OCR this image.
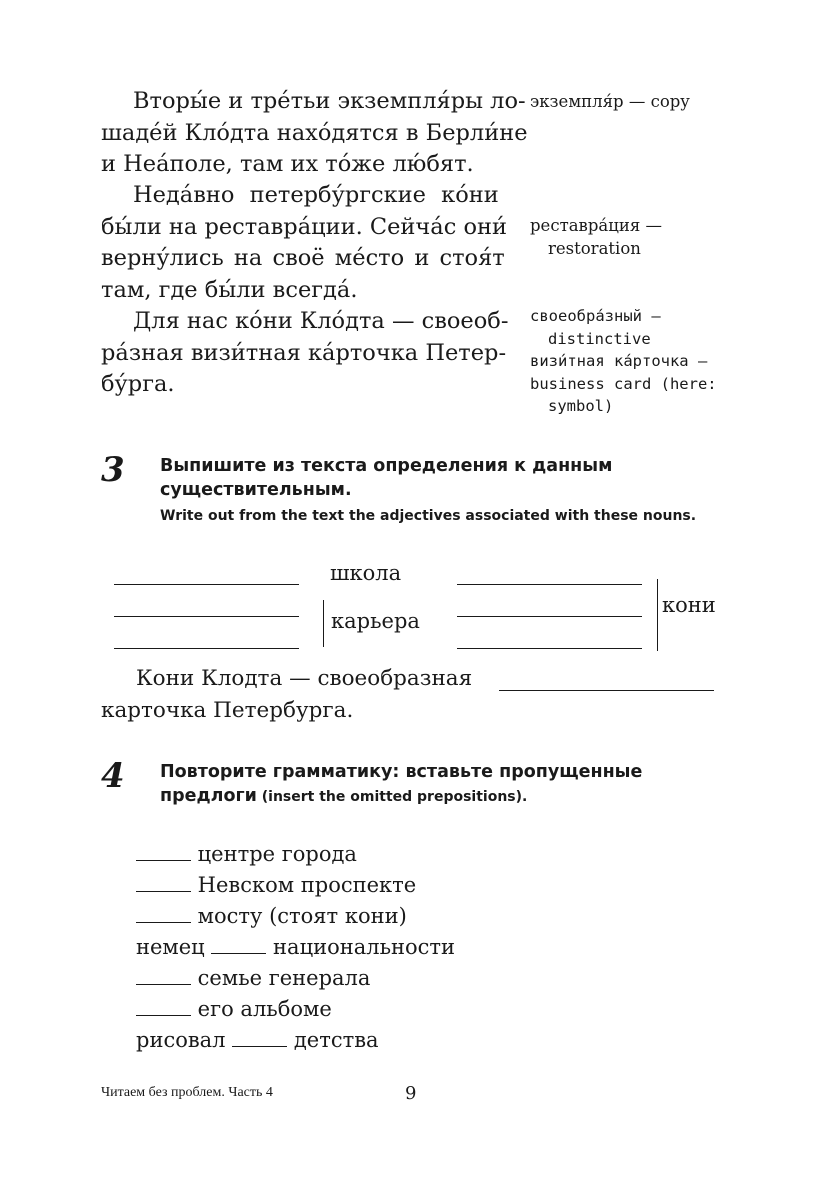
Вторы́е и тре́тьи экземпля́ры ло-
шаде́й Кло́дта нахо́дятся в Берли́не
и Неа́поле, там их то́же лю́бят.
Неда́вно петербу́ргские ко́ни
бы́ли на реставра́ции. Сейча́с они́
верну́лись на своё ме́сто и стоя́т
там, где бы́ли всегда́.
Для нас ко́ни Кло́дта — своеоб-
ра́зная визи́тная ка́рточка Петер-
бу́рга.
экземпля́р — copy
реставра́ция —
restoration
своеобра́зный —
distinctive
визи́тная ка́рточка —
business card (here:
symbol)
3 Выпишите из текста определения к данным
существительным.
Write out from the text the adjectives associated with these nouns.
школа
карьера
кони
Кони Клодта — своеобразная
карточка Петербурга.
4 Повторите грамматику: вставьте пропущенные
предлоги (insert the omitted prepositions).
центре города
Невском проспекте
мосту (стоят кони)
немец	национальности
семье генерала
его альбоме
рисовал	детства
Читаем без проблем. Часть 4	9
